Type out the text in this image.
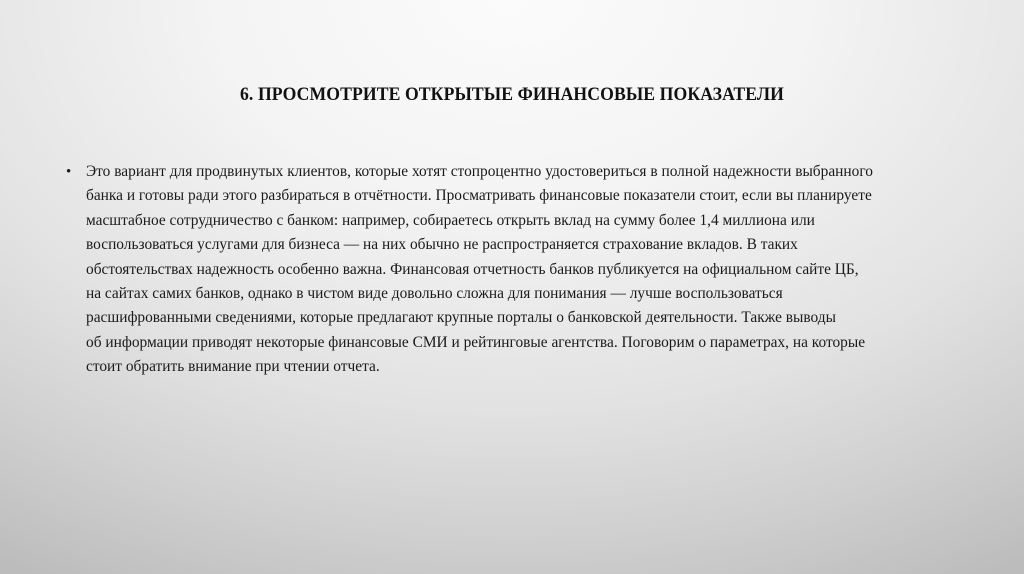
6. ПРОСМОТРИТЕ ОТКРЫТЫЕ ФИНАНСОВЫЕ ПОКАЗАТЕЛИ
• Это вариант для продвинутых клиентов, которые хотят стопроцентно удостовериться в полной надежности выбранного
банка и готовы ради этого разбираться в отчётности. Просматривать финансовые показатели стоит, если вы планируете
масштабное сотрудничество с банком: например, собираетесь открыть вклад на сумму более 1,4 миллиона или
воспользоваться услугами для бизнеса — на них обычно не распространяется страхование вкладов. В таких
обстоятельствах надежность особенно важна. Финансовая отчетность банков публикуется на официальном сайте ЦБ,
на сайтах самих банков, однако в чистом виде довольно сложна для понимания — лучше воспользоваться
расшифрованными сведениями, которые предлагают крупные порталы о банковской деятельности. Также выводы
об информации приводят некоторые финансовые СМИ и рейтинговые агентства. Поговорим о параметрах, на которые
стоит обратить внимание при чтении отчета.
